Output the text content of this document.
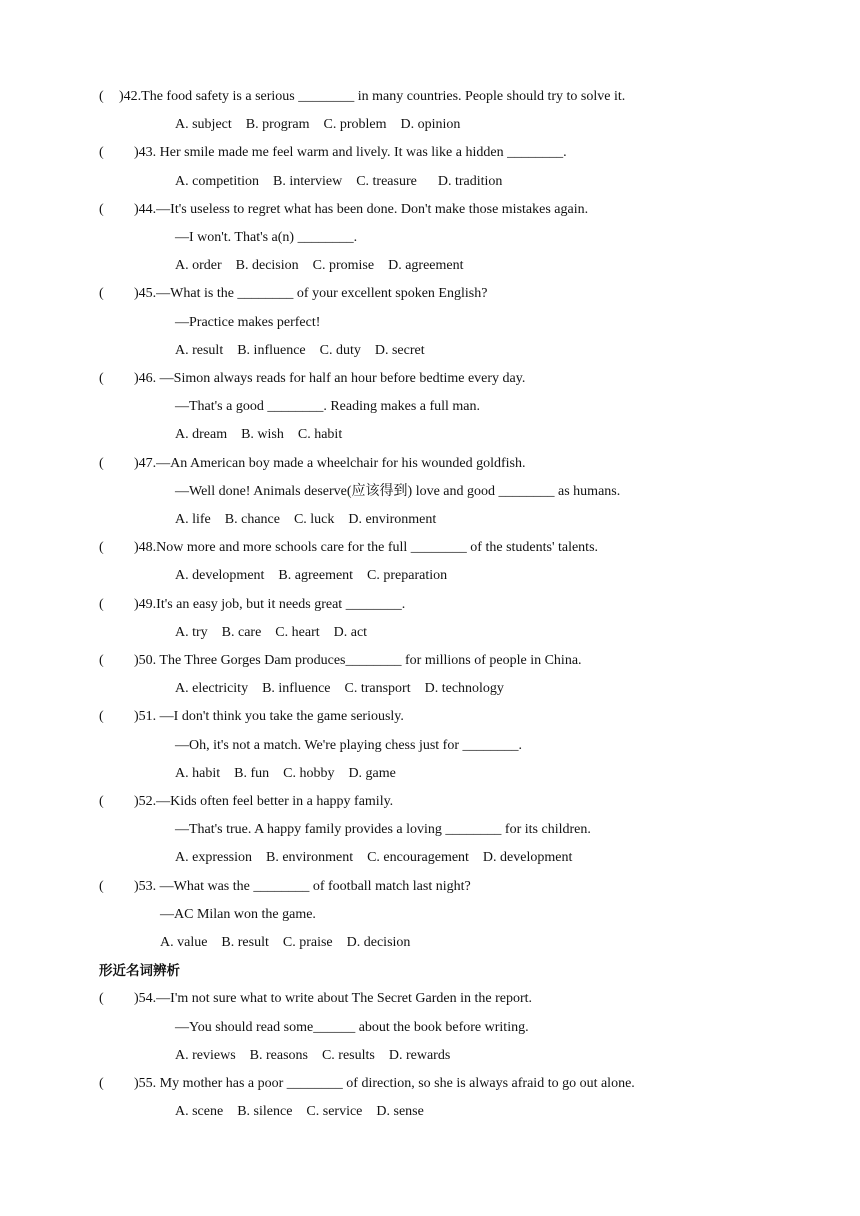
( )42.The food safety is a serious ________ in many countries. People should try to solve it.
A. subject    B. program    C. problem    D. opinion
( )43. Her smile made me feel warm and lively. It was like a hidden ________.
A. competition    B. interview    C. treasure      D. tradition
( )44.—It's useless to regret what has been done. Don't make those mistakes again.
—I won't. That's a(n) ________.
A. order    B. decision    C. promise    D. agreement
( )45.—What is the ________ of your excellent spoken English?
—Practice makes perfect!
A. result    B. influence    C. duty    D. secret
( )46. —Simon always reads for half an hour before bedtime every day.
—That's a good ________. Reading makes a full man.
A. dream    B. wish    C. habit
( )47.—An American boy made a wheelchair for his wounded goldfish.
—Well done! Animals deserve(应该得到) love and good ________ as humans.
A. life    B. chance    C. luck    D. environment
( )48.Now more and more schools care for the full ________ of the students' talents.
A. development    B. agreement    C. preparation
( )49.It's an easy job, but it needs great ________.
A. try    B. care    C. heart    D. act
( )50. The Three Gorges Dam produces________ for millions of people in China.
A. electricity    B. influence    C. transport    D. technology
( )51. —I don't think you take the game seriously.
—Oh, it's not a match. We're playing chess just for ________.
A. habit    B. fun    C. hobby    D. game
( )52.—Kids often feel better in a happy family.
—That's true. A happy family provides a loving ________ for its children.
A. expression    B. environment    C. encouragement    D. development
( )53. —What was the ________ of football match last night?
—AC Milan won the game.
A. value    B. result    C. praise    D. decision
形近名词辨析
( )54.—I'm not sure what to write about The Secret Garden in the report.
—You should read some______ about the book before writing.
A. reviews    B. reasons    C. results    D. rewards
( )55. My mother has a poor ________ of direction, so she is always afraid to go out alone.
A. scene    B. silence    C. service    D. sense
